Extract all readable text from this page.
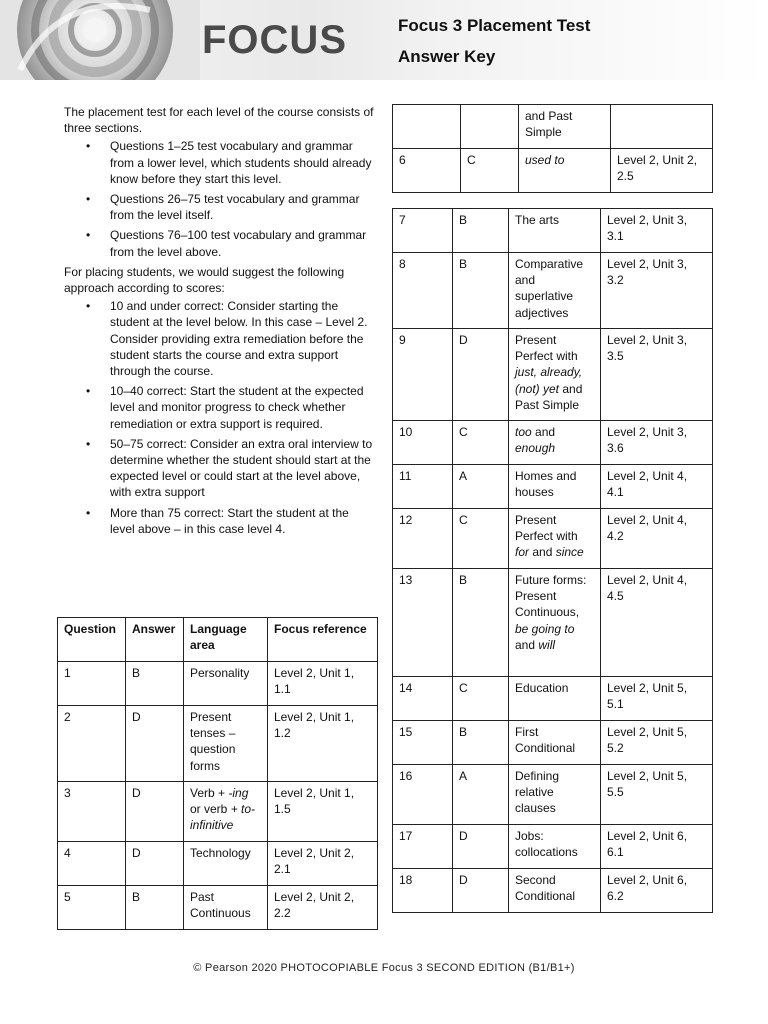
FOCUS	Focus 3 Placement Test
Answer Key

The placement test for each level of the course consists of three sections.

• Questions 1–25 test vocabulary and grammar from a lower level, which students should already know before they start this level.
• Questions 26–75 test vocabulary and grammar from the level itself.
• Questions 76–100 test vocabulary and grammar from the level above.

For placing students, we would suggest the following approach according to scores:

• 10 and under correct: Consider starting the student at the level below. In this case – Level 2. Consider providing extra remediation before the student starts the course and extra support through the course.
• 10–40 correct: Start the student at the expected level and monitor progress to check whether remediation or extra support is required.
• 50–75 correct: Consider an extra oral interview to determine whether the student should start at the expected level or could start at the level above, with extra support
• More than 75 correct: Start the student at the level above – in this case level 4.
Question	Answer	Language area	Focus reference
1	B	Personality	Level 2, Unit 1, 1.1
2	D	Present tenses – question forms	Level 2, Unit 1, 1.2
3	D	Verb + -ing or verb + to-infinitive	Level 2, Unit 1, 1.5
4	D	Technology	Level 2, Unit 2, 2.1
5	B	Past Continuous	Level 2, Unit 2, 2.2
		and Past Simple	
6	C	used to	Level 2, Unit 2, 2.5
7	B	The arts	Level 2, Unit 3, 3.1
8	B	Comparative and superlative adjectives	Level 2, Unit 3, 3.2
9	D	Present Perfect with just, already, (not) yet and Past Simple	Level 2, Unit 3, 3.5
10	C	too and enough	Level 2, Unit 3, 3.6
11	A	Homes and houses	Level 2, Unit 4, 4.1
12	C	Present Perfect with for and since	Level 2, Unit 4, 4.2
13	B	Future forms: Present Continuous, be going to and will	Level 2, Unit 4, 4.5
14	C	Education	Level 2, Unit 5, 5.1
15	B	First Conditional	Level 2, Unit 5, 5.2
16	A	Defining relative clauses	Level 2, Unit 5, 5.5
17	D	Jobs: collocations	Level 2, Unit 6, 6.1
18	D	Second Conditional	Level 2, Unit 6, 6.2
© Pearson 2020 PHOTOCOPIABLE Focus 3 SECOND EDITION (B1/B1+)
